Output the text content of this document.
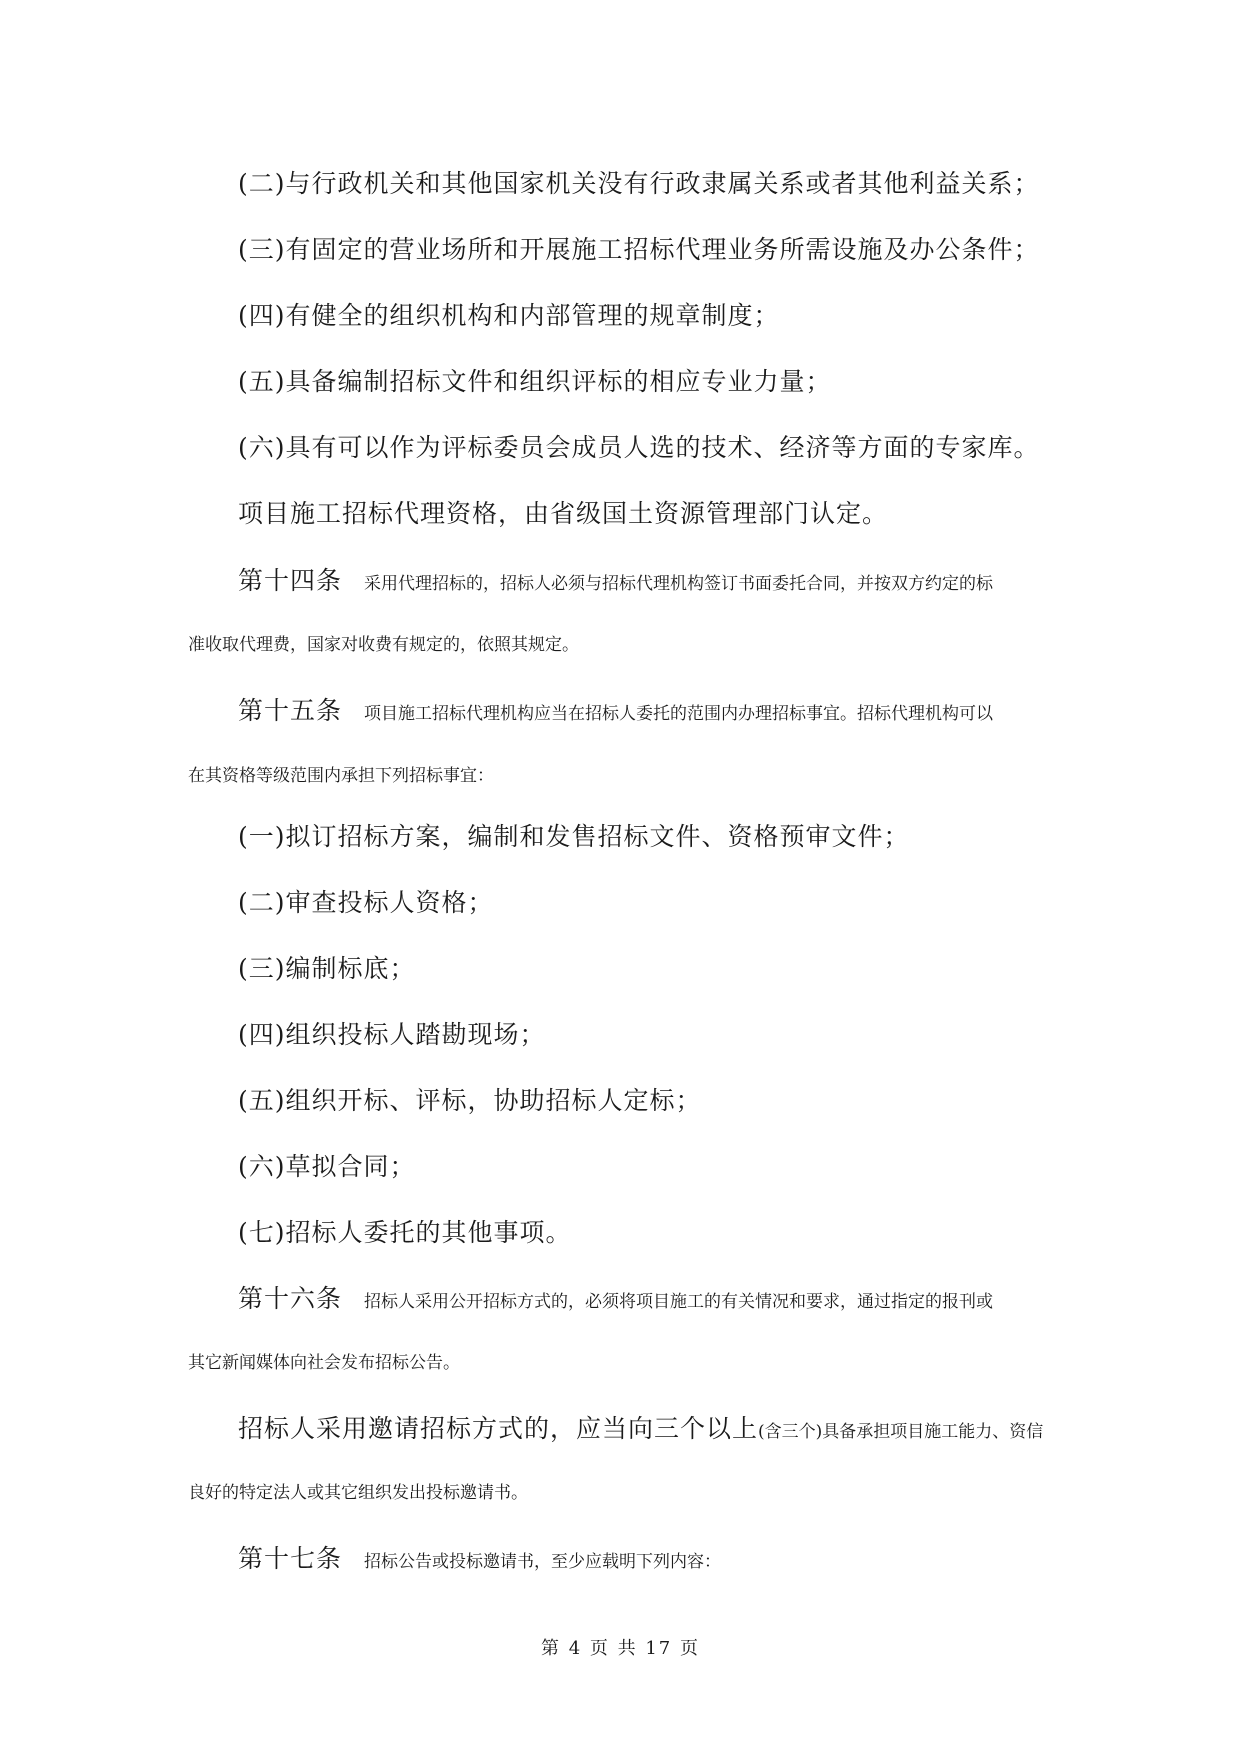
(二)与行政机关和其他国家机关没有行政隶属关系或者其他利益关系；

(三)有固定的营业场所和开展施工招标代理业务所需设施及办公条件；

(四)有健全的组织机构和内部管理的规章制度；

(五)具备编制招标文件和组织评标的相应专业力量；

(六)具有可以作为评标委员会成员人选的技术、经济等方面的专家库。

项目施工招标代理资格，由省级国土资源管理部门认定。

第十四条 采用代理招标的，招标人必须与招标代理机构签订书面委托合同，并按双方约定的标

准收取代理费，国家对收费有规定的，依照其规定。

第十五条 项目施工招标代理机构应当在招标人委托的范围内办理招标事宜。招标代理机构可以

在其资格等级范围内承担下列招标事宜：

(一)拟订招标方案，编制和发售招标文件、资格预审文件；

(二)审查投标人资格；

(三)编制标底；

(四)组织投标人踏勘现场；

(五)组织开标、评标，协助招标人定标；

(六)草拟合同；

(七)招标人委托的其他事项。

第十六条 招标人采用公开招标方式的，必须将项目施工的有关情况和要求，通过指定的报刊或

其它新闻媒体向社会发布招标公告。

招标人采用邀请招标方式的，应当向三个以上(含三个)具备承担项目施工能力、资信

良好的特定法人或其它组织发出投标邀请书。

第十七条 招标公告或投标邀请书，至少应载明下列内容：

第 4 页 共 17 页
